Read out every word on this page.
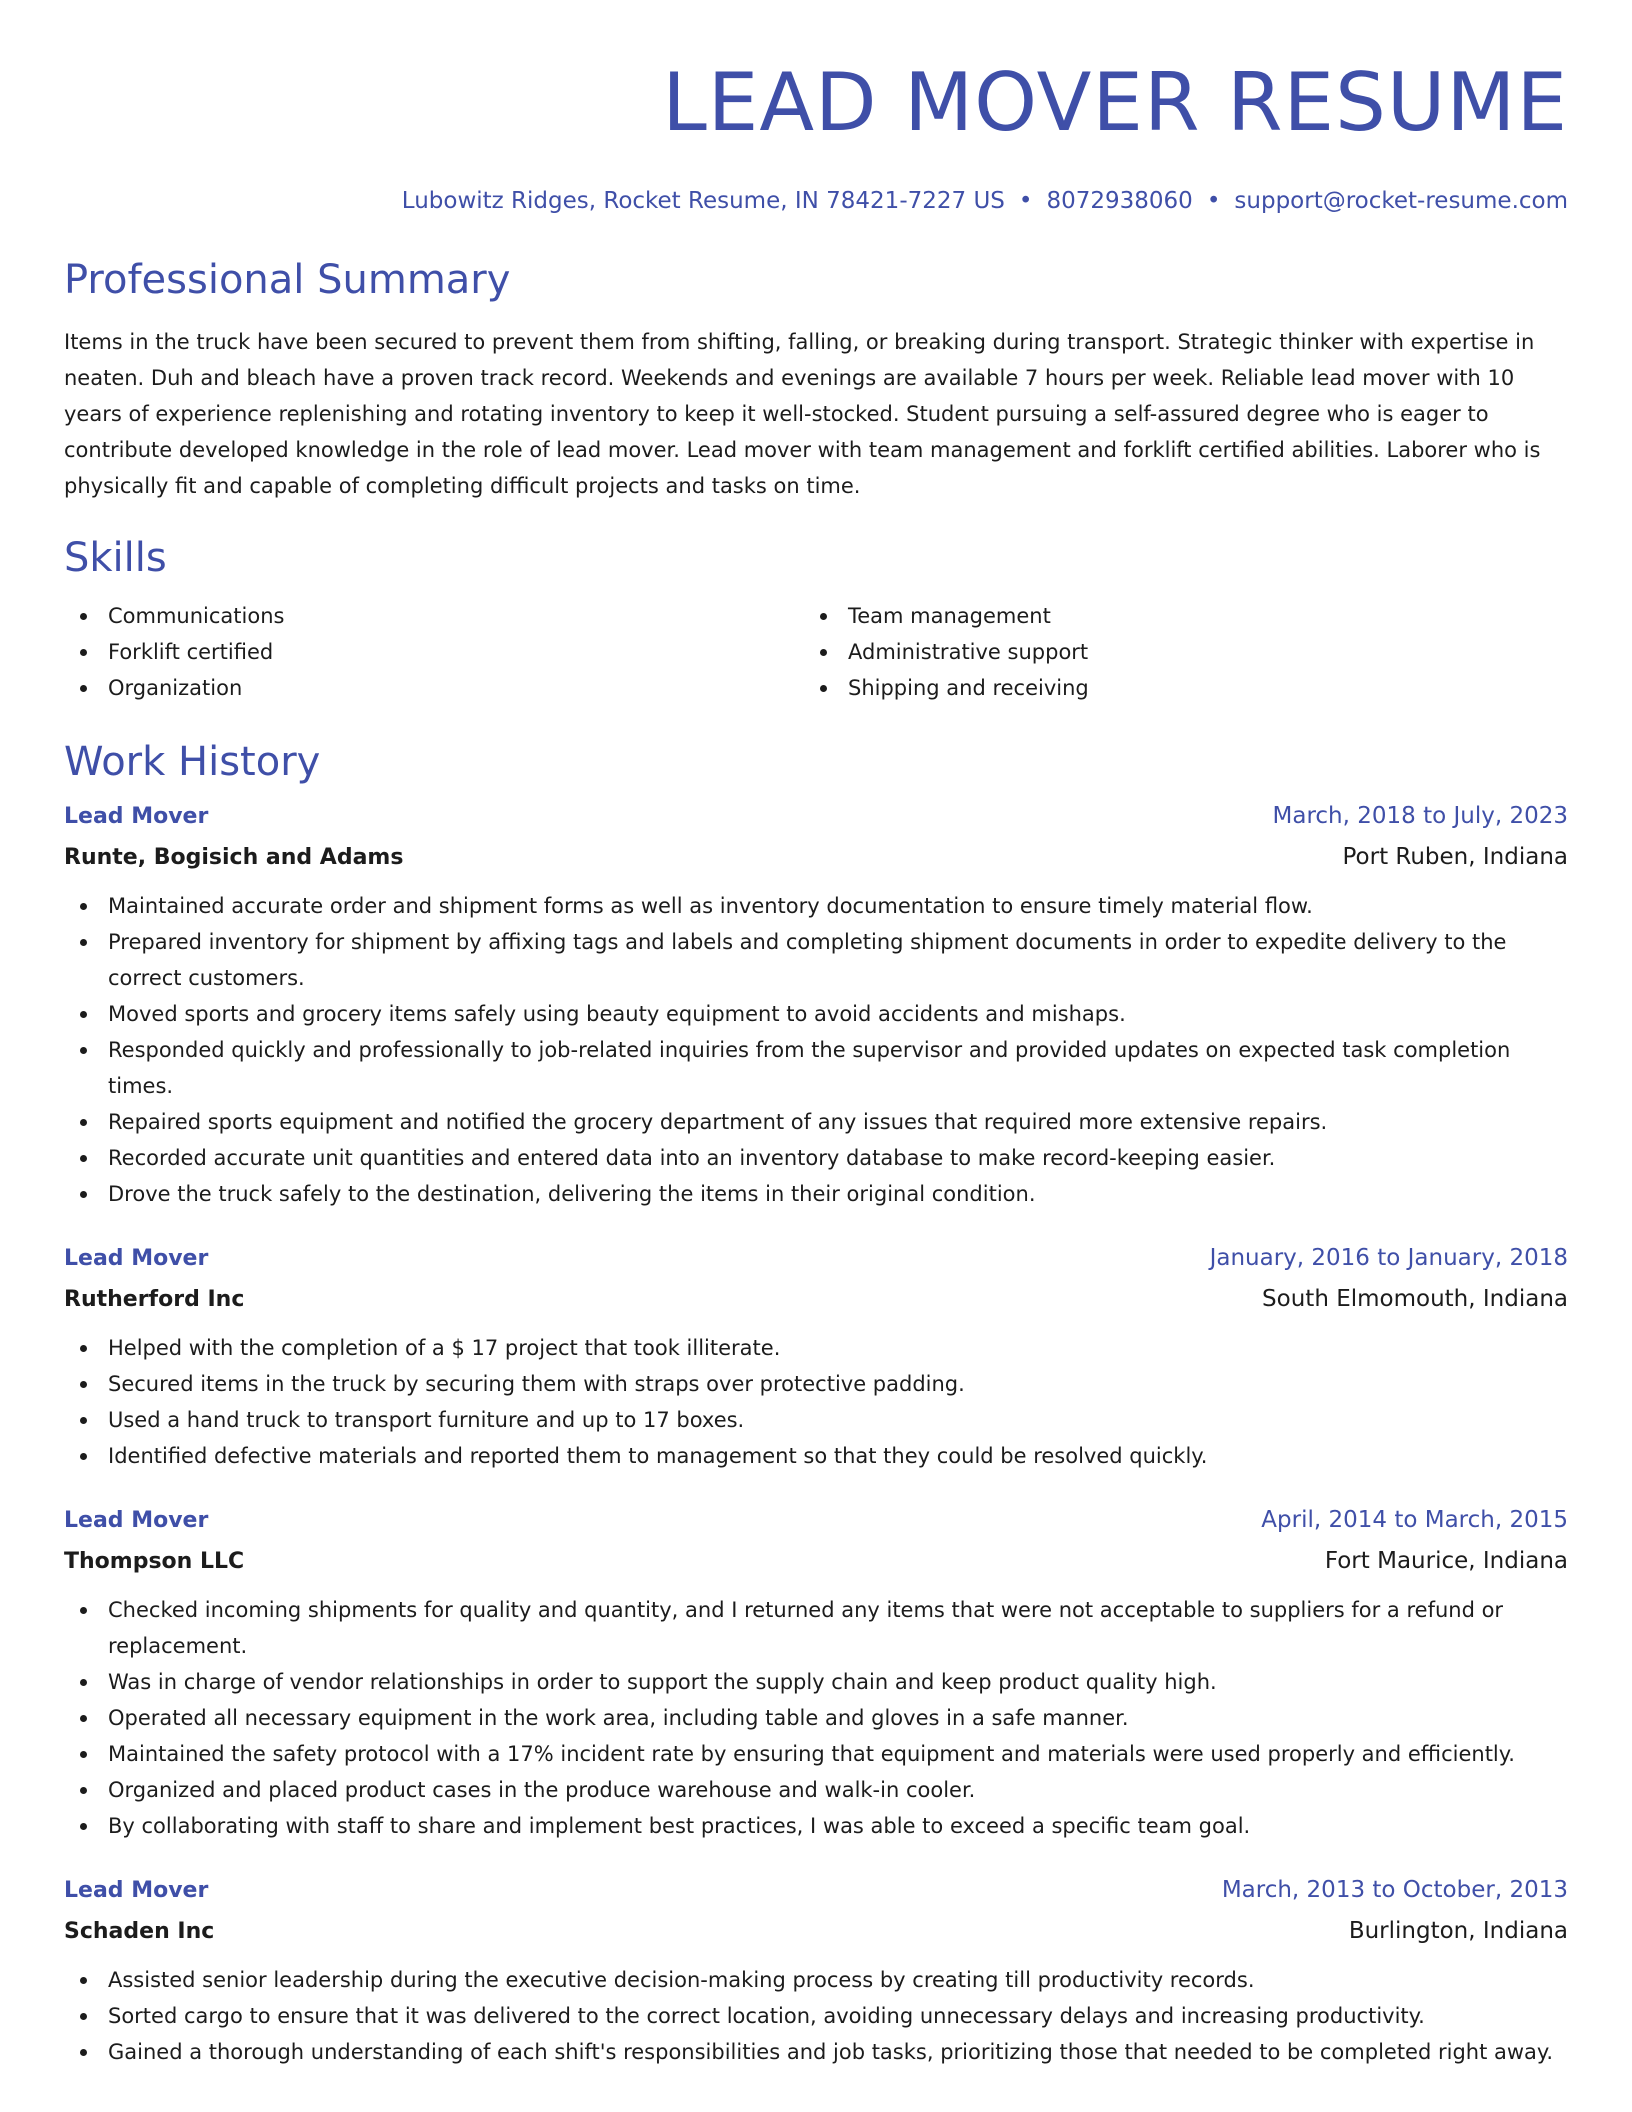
LEAD MOVER RESUME
Lubowitz Ridges, Rocket Resume, IN 78421-7227 US • 8072938060 • support@rocket-resume.com
Professional Summary

Items in the truck have been secured to prevent them from shifting, falling, or breaking during transport. Strategic thinker with expertise in neaten. Duh and bleach have a proven track record. Weekends and evenings are available 7 hours per week. Reliable lead mover with 10 years of experience replenishing and rotating inventory to keep it well-stocked. Student pursuing a self-assured degree who is eager to contribute developed knowledge in the role of lead mover. Lead mover with team management and forklift certified abilities. Laborer who is physically fit and capable of completing difficult projects and tasks on time.

Skills
Communications
Forklift certified
Organization
Team management
Administrative support
Shipping and receiving
Work History
Lead Mover	March, 2018 to July, 2023
Runte, Bogisich and Adams	Port Ruben, Indiana
Maintained accurate order and shipment forms as well as inventory documentation to ensure timely material flow.
Prepared inventory for shipment by affixing tags and labels and completing shipment documents in order to expedite delivery to the correct customers.
Moved sports and grocery items safely using beauty equipment to avoid accidents and mishaps.
Responded quickly and professionally to job-related inquiries from the supervisor and provided updates on expected task completion times.
Repaired sports equipment and notified the grocery department of any issues that required more extensive repairs.
Recorded accurate unit quantities and entered data into an inventory database to make record-keeping easier.
Drove the truck safely to the destination, delivering the items in their original condition.
Lead Mover	January, 2016 to January, 2018
Rutherford Inc	South Elmomouth, Indiana
Helped with the completion of a $ 17 project that took illiterate.
Secured items in the truck by securing them with straps over protective padding.
Used a hand truck to transport furniture and up to 17 boxes.
Identified defective materials and reported them to management so that they could be resolved quickly.
Lead Mover	April, 2014 to March, 2015
Thompson LLC	Fort Maurice, Indiana
Checked incoming shipments for quality and quantity, and I returned any items that were not acceptable to suppliers for a refund or replacement.
Was in charge of vendor relationships in order to support the supply chain and keep product quality high.
Operated all necessary equipment in the work area, including table and gloves in a safe manner.
Maintained the safety protocol with a 17% incident rate by ensuring that equipment and materials were used properly and efficiently.
Organized and placed product cases in the produce warehouse and walk-in cooler.
By collaborating with staff to share and implement best practices, I was able to exceed a specific team goal.
Lead Mover	March, 2013 to October, 2013
Schaden Inc	Burlington, Indiana
Assisted senior leadership during the executive decision-making process by creating till productivity records.
Sorted cargo to ensure that it was delivered to the correct location, avoiding unnecessary delays and increasing productivity.
Gained a thorough understanding of each shift's responsibilities and job tasks, prioritizing those that needed to be completed right away.
